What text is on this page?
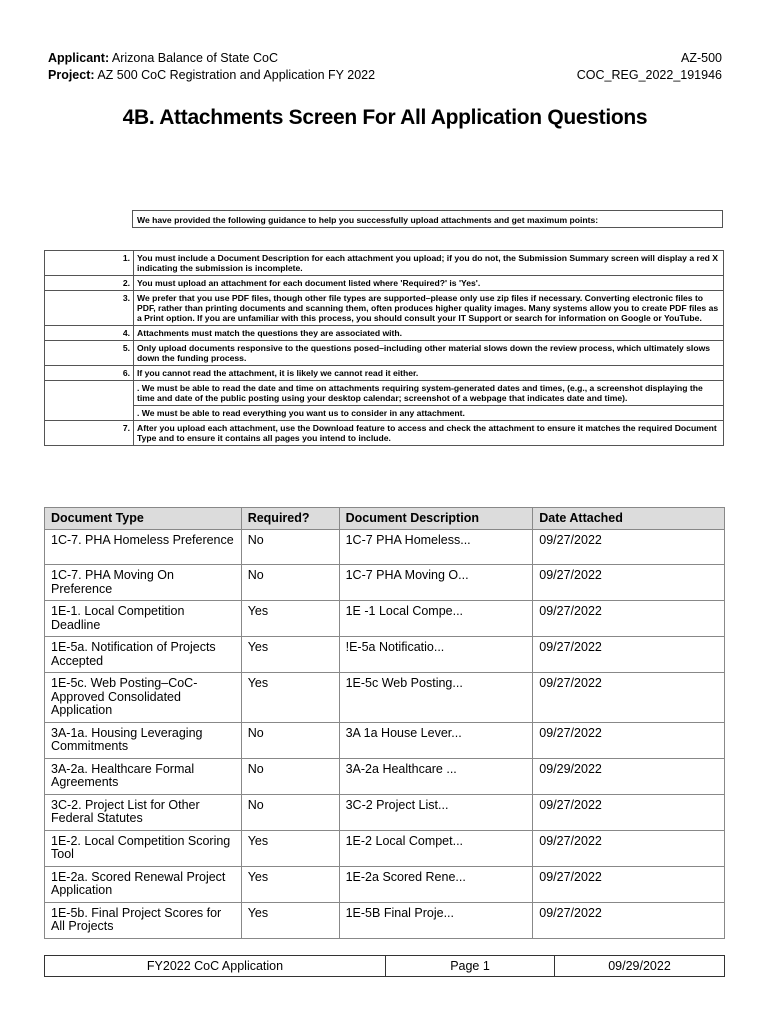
Applicant: Arizona Balance of State CoC	AZ-500
Project: AZ 500 CoC Registration and Application FY 2022	COC_REG_2022_191946
4B. Attachments Screen For All Application Questions
We have provided the following guidance to help you successfully upload attachments and get maximum points:
1.	You must include a Document Description for each attachment you upload; if you do not, the Submission Summary screen will display a red X indicating the submission is incomplete.
2.	You must upload an attachment for each document listed where 'Required?' is 'Yes'.
3.	We prefer that you use PDF files, though other file types are supported–please only use zip files if necessary. Converting electronic files to PDF, rather than printing documents and scanning them, often produces higher quality images. Many systems allow you to create PDF files as a Print option. If you are unfamiliar with this process, you should consult your IT Support or search for information on Google or YouTube.
4.	Attachments must match the questions they are associated with.
5.	Only upload documents responsive to the questions posed–including other material slows down the review process, which ultimately slows down the funding process.
6.	If you cannot read the attachment, it is likely we cannot read it either.
	. We must be able to read the date and time on attachments requiring system-generated dates and times, (e.g., a screenshot displaying the time and date of the public posting using your desktop calendar; screenshot of a webpage that indicates date and time).
	. We must be able to read everything you want us to consider in any attachment.
7.	After you upload each attachment, use the Download feature to access and check the attachment to ensure it matches the required Document Type and to ensure it contains all pages you intend to include.
Document Type	Required?	Document Description	Date Attached
1C-7. PHA Homeless Preference	No	1C-7 PHA Homeless...	09/27/2022
1C-7. PHA Moving On Preference	No	1C-7 PHA Moving O...	09/27/2022
1E-1. Local Competition Deadline	Yes	1E -1 Local Compe...	09/27/2022
1E-5a. Notification of Projects Accepted	Yes	!E-5a Notificatio...	09/27/2022
1E-5c. Web Posting–CoC-Approved Consolidated Application	Yes	1E-5c Web Posting...	09/27/2022
3A-1a. Housing Leveraging Commitments	No	3A 1a House Lever...	09/27/2022
3A-2a. Healthcare Formal Agreements	No	3A-2a Healthcare ...	09/29/2022
3C-2. Project List for Other Federal Statutes	No	3C-2 Project List...	09/27/2022
1E-2. Local Competition Scoring Tool	Yes	1E-2 Local Compet...	09/27/2022
1E-2a. Scored Renewal Project Application	Yes	1E-2a Scored Rene...	09/27/2022
1E-5b. Final Project Scores for All Projects	Yes	1E-5B Final Proje...	09/27/2022
FY2022 CoC Application	Page 1	09/29/2022
